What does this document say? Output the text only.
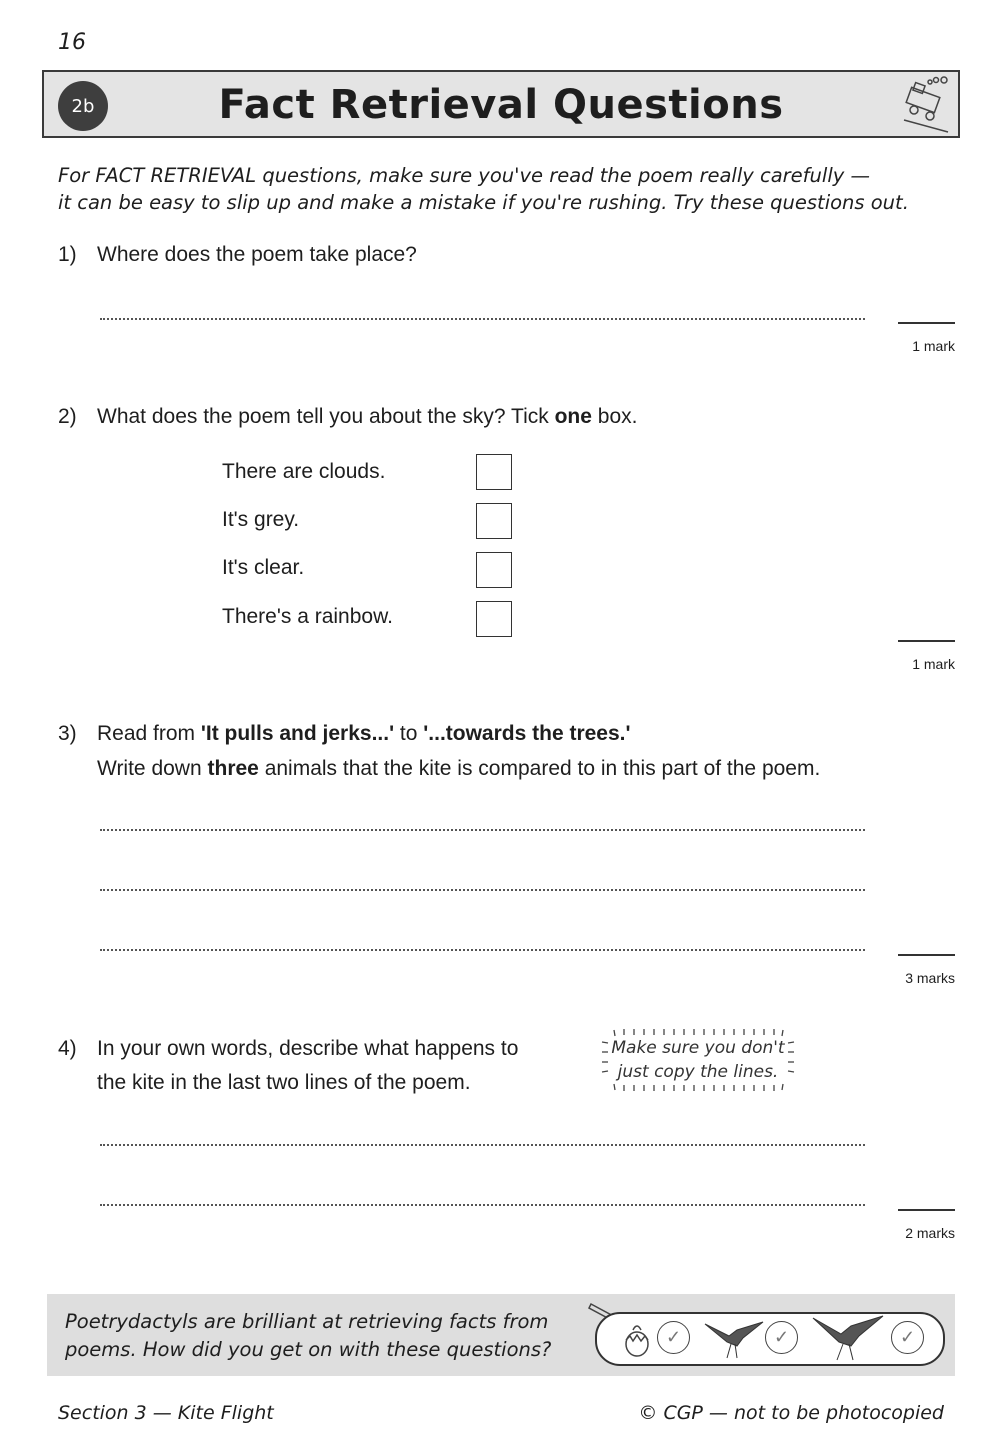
16
2b	Fact Retrieval Questions
For FACT RETRIEVAL questions, make sure you've read the poem really carefully —
it can be easy to slip up and make a mistake if you're rushing. Try these questions out.
1) Where does the poem take place?
1 mark
2) What does the poem tell you about the sky? Tick one box.
There are clouds.
It's grey.
It's clear.
There's a rainbow.
1 mark
3) Read from 'It pulls and jerks...' to '...towards the trees.'
Write down three animals that the kite is compared to in this part of the poem.
3 marks
4) In your own words, describe what happens to
the kite in the last two lines of the poem.
2 marks
Make sure you don't
just copy the lines.
Poetrydactyls are brilliant at retrieving facts from
poems. How did you get on with these questions?
✓	✓	✓
Section 3 — Kite Flight	© CGP — not to be photocopied
